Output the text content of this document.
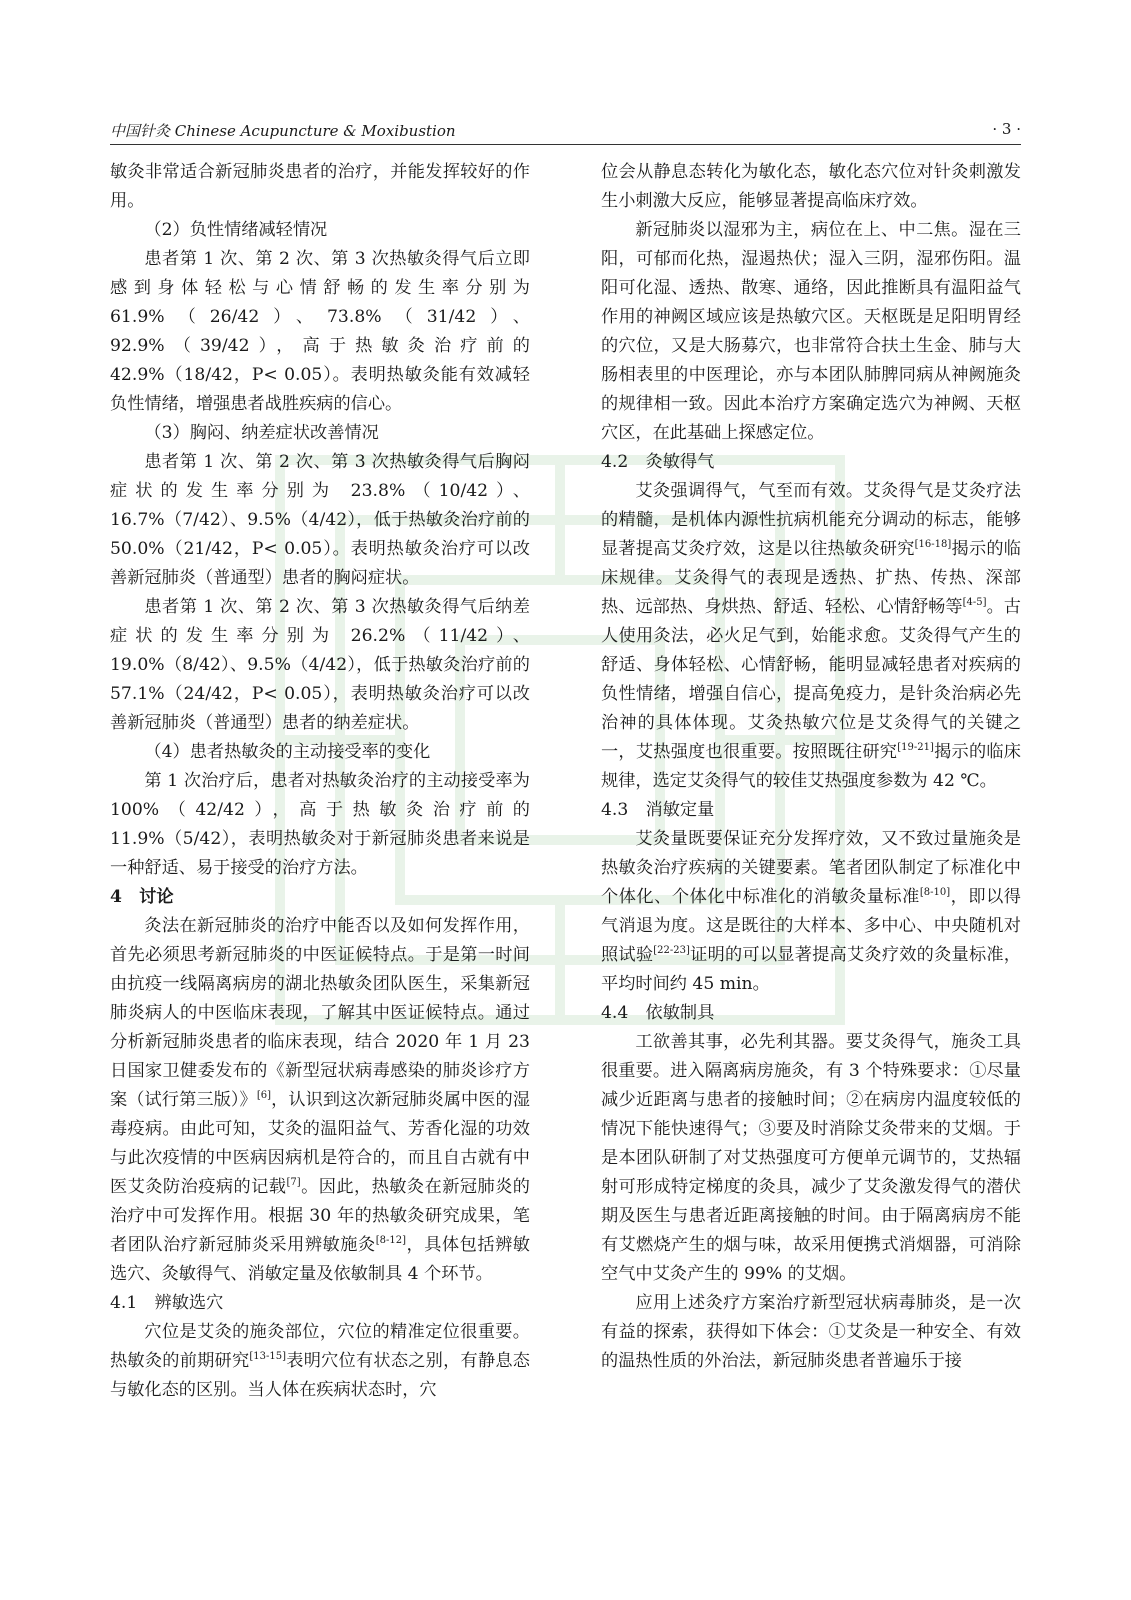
中国针灸 Chinese Acupuncture & Moxibustion	· 3 ·

敏灸非常适合新冠肺炎患者的治疗，并能发挥较好的作用。

（2）负性情绪减轻情况

患者第 1 次、第 2 次、第 3 次热敏灸得气后立即感到身体轻松与心情舒畅的发生率分别为 61.9%（26/42）、73.8%（31/42）、92.9%（39/42），高于热敏灸治疗前的 42.9%（18/42，P< 0.05）。表明热敏灸能有效减轻负性情绪，增强患者战胜疾病的信心。

（3）胸闷、纳差症状改善情况

患者第 1 次、第 2 次、第 3 次热敏灸得气后胸闷症状的发生率分别为 23.8%（10/42）、16.7%（7/42）、9.5%（4/42），低于热敏灸治疗前的 50.0%（21/42，P< 0.05）。表明热敏灸治疗可以改善新冠肺炎（普通型）患者的胸闷症状。

患者第 1 次、第 2 次、第 3 次热敏灸得气后纳差症状的发生率分别为 26.2%（11/42）、19.0%（8/42）、9.5%（4/42），低于热敏灸治疗前的 57.1%（24/42，P< 0.05），表明热敏灸治疗可以改善新冠肺炎（普通型）患者的纳差症状。

（4）患者热敏灸的主动接受率的变化

第 1 次治疗后，患者对热敏灸治疗的主动接受率为 100%（42/42），高于热敏灸治疗前的 11.9%（5/42），表明热敏灸对于新冠肺炎患者来说是一种舒适、易于接受的治疗方法。

4　讨论

灸法在新冠肺炎的治疗中能否以及如何发挥作用，首先必须思考新冠肺炎的中医证候特点。于是第一时间由抗疫一线隔离病房的湖北热敏灸团队医生，采集新冠肺炎病人的中医临床表现，了解其中医证候特点。通过分析新冠肺炎患者的临床表现，结合 2020 年 1 月 23 日国家卫健委发布的《新型冠状病毒感染的肺炎诊疗方案（试行第三版）》[6]，认识到这次新冠肺炎属中医的湿毒疫病。由此可知，艾灸的温阳益气、芳香化湿的功效与此次疫情的中医病因病机是符合的，而且自古就有中医艾灸防治疫病的记载[7]。因此，热敏灸在新冠肺炎的治疗中可发挥作用。根据 30 年的热敏灸研究成果，笔者团队治疗新冠肺炎采用辨敏施灸[8-12]，具体包括辨敏选穴、灸敏得气、消敏定量及依敏制具 4 个环节。

4.1　辨敏选穴

穴位是艾灸的施灸部位，穴位的精准定位很重要。热敏灸的前期研究[13-15]表明穴位有状态之别，有静息态与敏化态的区别。当人体在疾病状态时，穴

位会从静息态转化为敏化态，敏化态穴位对针灸刺激发生小刺激大反应，能够显著提高临床疗效。

新冠肺炎以湿邪为主，病位在上、中二焦。湿在三阳，可郁而化热，湿遏热伏；湿入三阴，湿邪伤阳。温阳可化湿、透热、散寒、通络，因此推断具有温阳益气作用的神阙区域应该是热敏穴区。天枢既是足阳明胃经的穴位，又是大肠募穴，也非常符合扶土生金、肺与大肠相表里的中医理论，亦与本团队肺脾同病从神阙施灸的规律相一致。因此本治疗方案确定选穴为神阙、天枢穴区，在此基础上探感定位。

4.2　灸敏得气

艾灸强调得气，气至而有效。艾灸得气是艾灸疗法的精髓，是机体内源性抗病机能充分调动的标志，能够显著提高艾灸疗效，这是以往热敏灸研究[16-18]揭示的临床规律。艾灸得气的表现是透热、扩热、传热、深部热、远部热、身烘热、舒适、轻松、心情舒畅等[4-5]。古人使用灸法，必火足气到，始能求愈。艾灸得气产生的舒适、身体轻松、心情舒畅，能明显减轻患者对疾病的负性情绪，增强自信心，提高免疫力，是针灸治病必先治神的具体体现。艾灸热敏穴位是艾灸得气的关键之一，艾热强度也很重要。按照既往研究[19-21]揭示的临床规律，选定艾灸得气的较佳艾热强度参数为 42 ℃。

4.3　消敏定量

艾灸量既要保证充分发挥疗效，又不致过量施灸是热敏灸治疗疾病的关键要素。笔者团队制定了标准化中个体化、个体化中标准化的消敏灸量标准[8-10]，即以得气消退为度。这是既往的大样本、多中心、中央随机对照试验[22-23]证明的可以显著提高艾灸疗效的灸量标准，平均时间约 45 min。

4.4　依敏制具

工欲善其事，必先利其器。要艾灸得气，施灸工具很重要。进入隔离病房施灸，有 3 个特殊要求：①尽量减少近距离与患者的接触时间；②在病房内温度较低的情况下能快速得气；③要及时消除艾灸带来的艾烟。于是本团队研制了对艾热强度可方便单元调节的，艾热辐射可形成特定梯度的灸具，减少了艾灸激发得气的潜伏期及医生与患者近距离接触的时间。由于隔离病房不能有艾燃烧产生的烟与味，故采用便携式消烟器，可消除空气中艾灸产生的 99% 的艾烟。

应用上述灸疗方案治疗新型冠状病毒肺炎，是一次有益的探索，获得如下体会：①艾灸是一种安全、有效的温热性质的外治法，新冠肺炎患者普遍乐于接
